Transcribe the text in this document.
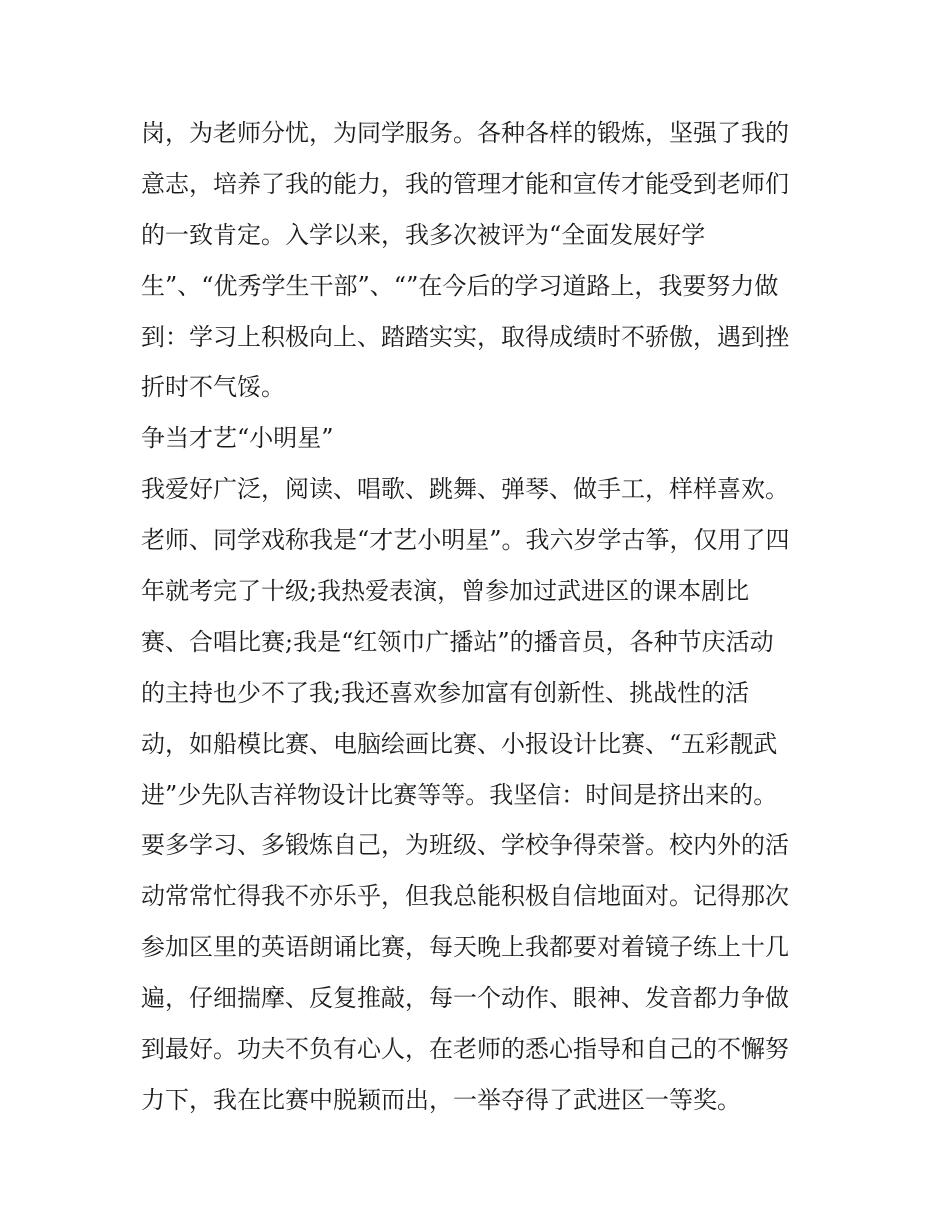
岗，为老师分忧，为同学服务。各种各样的锻炼，坚强了我的
意志，培养了我的能力，我的管理才能和宣传才能受到老师们
的一致肯定。入学以来，我多次被评为“全面发展好学
生”、“优秀学生干部”、“”在今后的学习道路上，我要努力做
到：学习上积极向上、踏踏实实，取得成绩时不骄傲，遇到挫
折时不气馁。
争当才艺“小明星”
我爱好广泛，阅读、唱歌、跳舞、弹琴、做手工，样样喜欢。
老师、同学戏称我是“才艺小明星”。我六岁学古筝，仅用了四
年就考完了十级;我热爱表演，曾参加过武进区的课本剧比
赛、合唱比赛;我是“红领巾广播站”的播音员，各种节庆活动
的主持也少不了我;我还喜欢参加富有创新性、挑战性的活
动，如船模比赛、电脑绘画比赛、小报设计比赛、“五彩靓武
进”少先队吉祥物设计比赛等等。我坚信：时间是挤出来的。
要多学习、多锻炼自己，为班级、学校争得荣誉。校内外的活
动常常忙得我不亦乐乎，但我总能积极自信地面对。记得那次
参加区里的英语朗诵比赛，每天晚上我都要对着镜子练上十几
遍，仔细揣摩、反复推敲，每一个动作、眼神、发音都力争做
到最好。功夫不负有心人，在老师的悉心指导和自己的不懈努
力下，我在比赛中脱颖而出，一举夺得了武进区一等奖。
